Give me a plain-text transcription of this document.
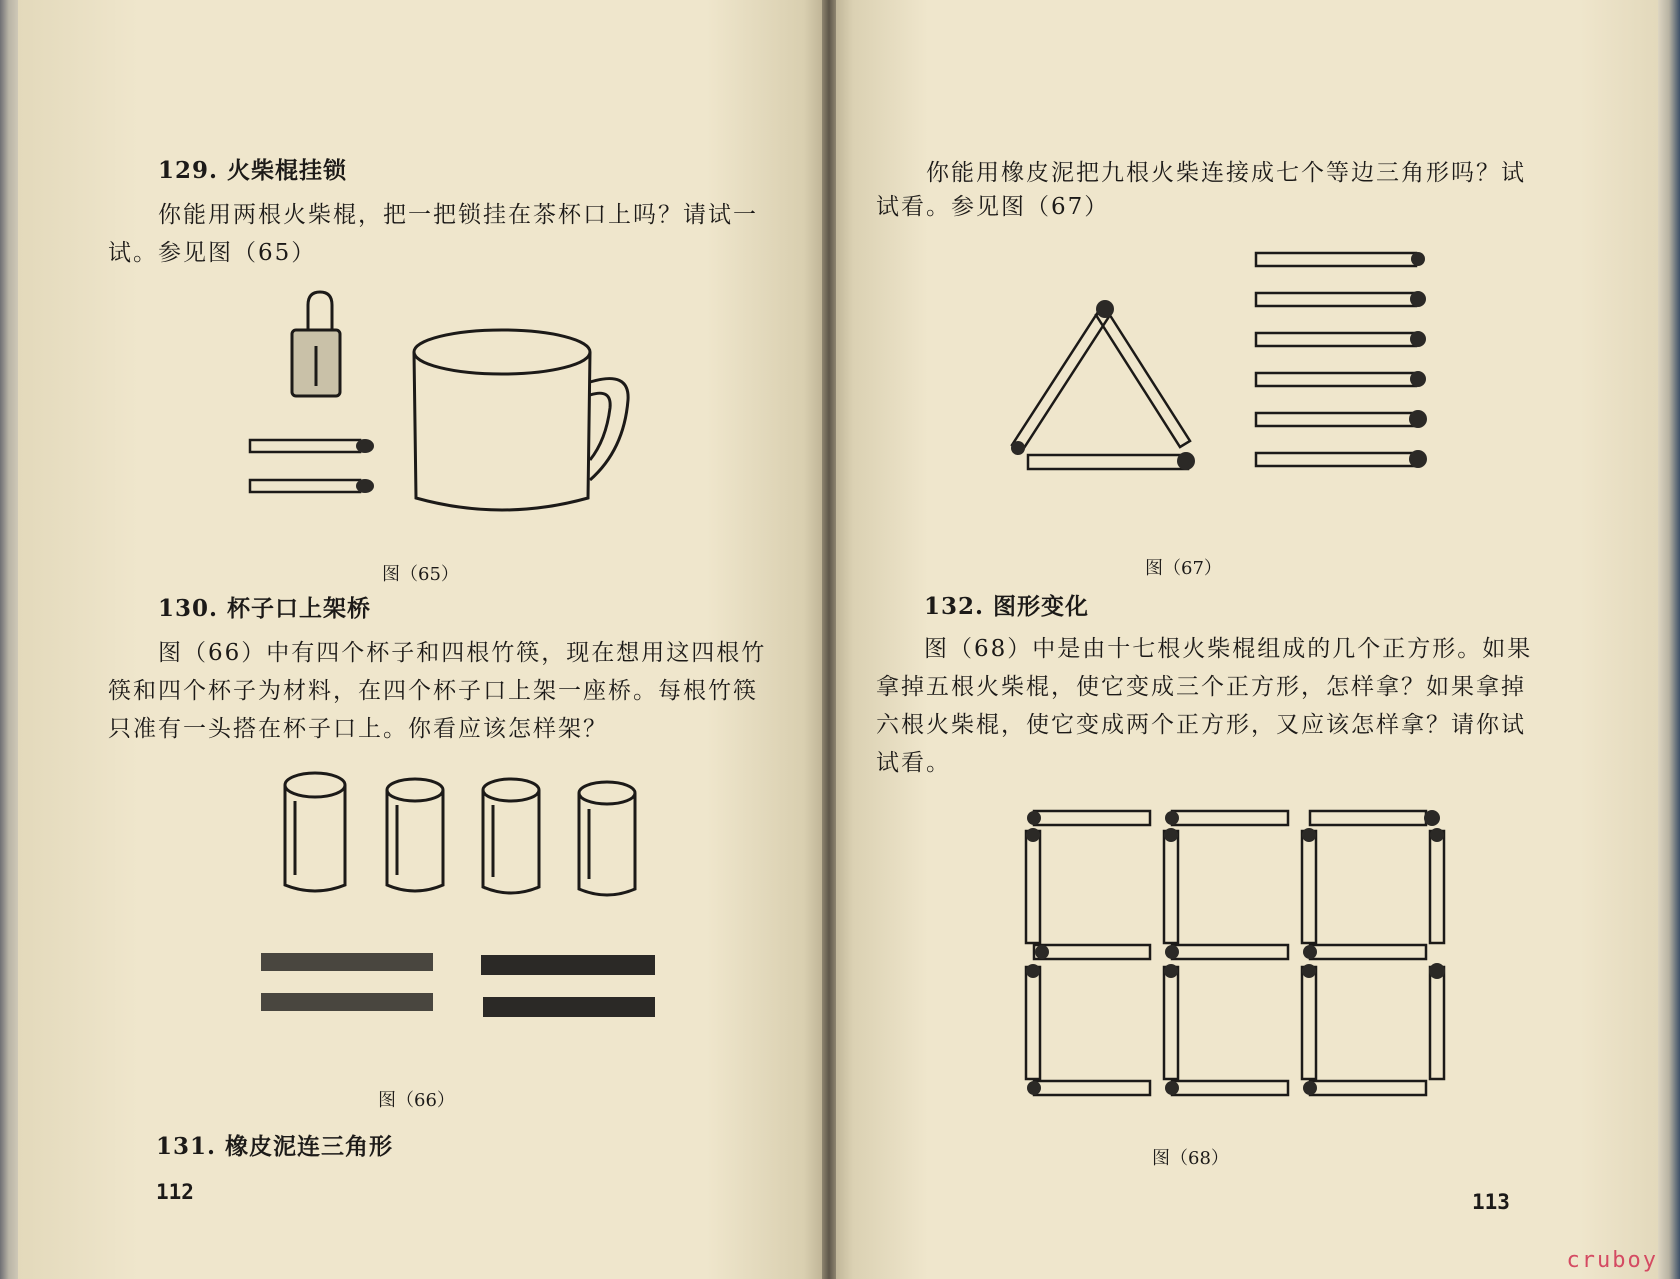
129. 火柴棍挂锁
你能用两根火柴棍，把一把锁挂在茶杯口上吗？请试一
试。参见图（65）
图（65）
130. 杯子口上架桥
图（66）中有四个杯子和四根竹筷，现在想用这四根竹
筷和四个杯子为材料，在四个杯子口上架一座桥。每根竹筷
只准有一头搭在杯子口上。你看应该怎样架？
图（66）
131. 橡皮泥连三角形
112
你能用橡皮泥把九根火柴连接成七个等边三角形吗？试
试看。参见图（67）
图（67）
132. 图形变化
图（68）中是由十七根火柴棍组成的几个正方形。如果
拿掉五根火柴棍，使它变成三个正方形，怎样拿？如果拿掉
六根火柴棍，使它变成两个正方形，又应该怎样拿？请你试
试看。
图（68）
113
cruboy
